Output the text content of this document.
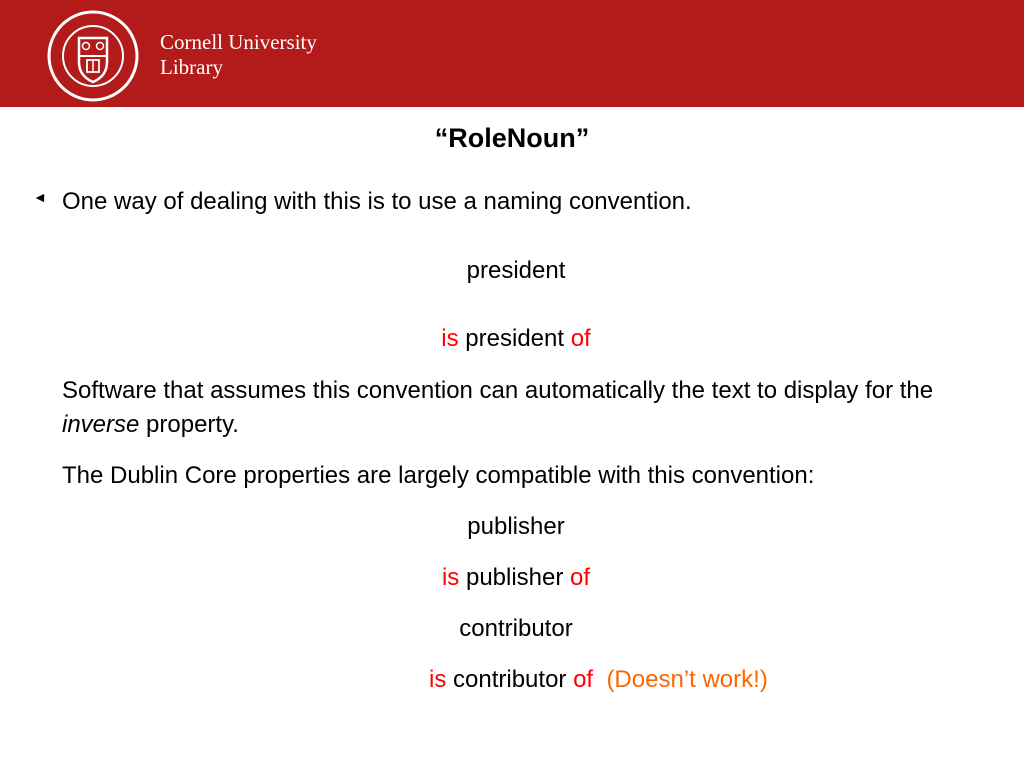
Cornell University
Library
“RoleNoun”
◄ One way of dealing with this is to use a naming convention.
president
is president of
Software that assumes this convention can automatically the text to display for the inverse property.
The Dublin Core properties are largely compatible with this convention:
publisher
is publisher of
contributor
is contributor of (Doesn’t work!)
